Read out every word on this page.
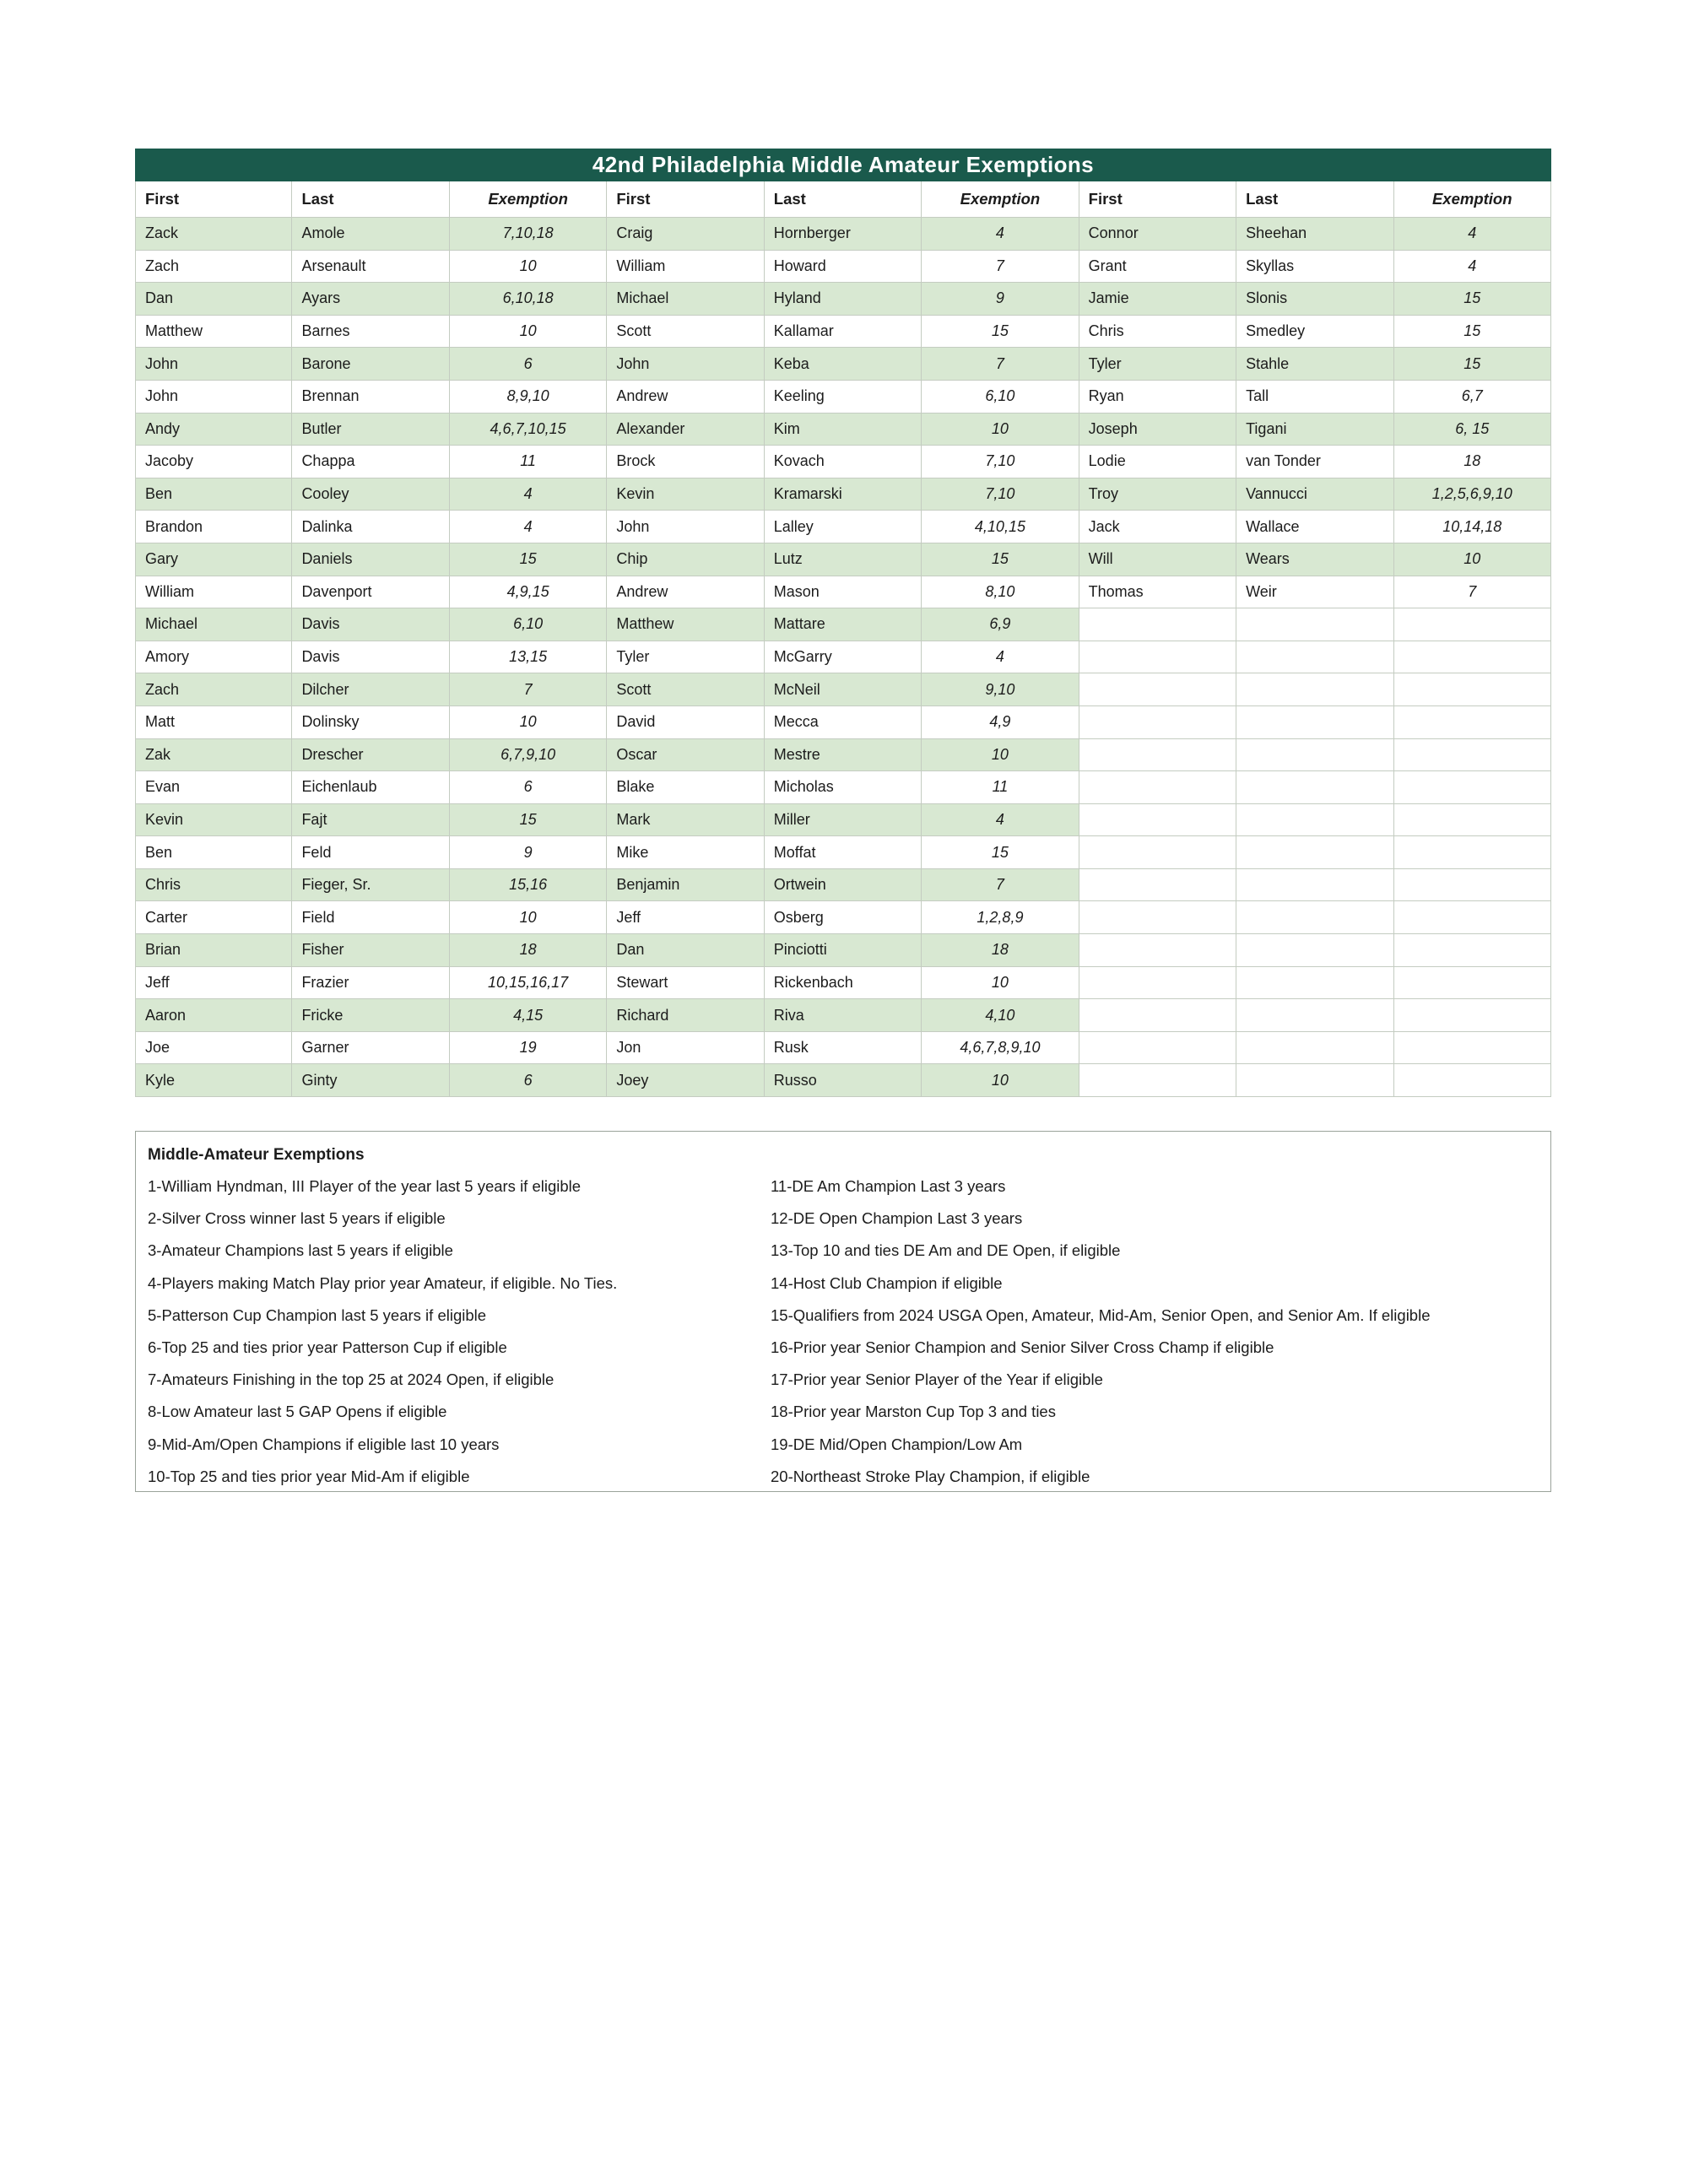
42nd Philadelphia Middle Amateur Exemptions
First	Last	Exemption	First	Last	Exemption	First	Last	Exemption
Zack	Amole	7,10,18	Craig	Hornberger	4	Connor	Sheehan	4
Zach	Arsenault	10	William	Howard	7	Grant	Skyllas	4
Dan	Ayars	6,10,18	Michael	Hyland	9	Jamie	Slonis	15
Matthew	Barnes	10	Scott	Kallamar	15	Chris	Smedley	15
John	Barone	6	John	Keba	7	Tyler	Stahle	15
John	Brennan	8,9,10	Andrew	Keeling	6,10	Ryan	Tall	6,7
Andy	Butler	4,6,7,10,15	Alexander	Kim	10	Joseph	Tigani	6, 15
Jacoby	Chappa	11	Brock	Kovach	7,10	Lodie	van Tonder	18
Ben	Cooley	4	Kevin	Kramarski	7,10	Troy	Vannucci	1,2,5,6,9,10
Brandon	Dalinka	4	John	Lalley	4,10,15	Jack	Wallace	10,14,18
Gary	Daniels	15	Chip	Lutz	15	Will	Wears	10
William	Davenport	4,9,15	Andrew	Mason	8,10	Thomas	Weir	7
Michael	Davis	6,10	Matthew	Mattare	6,9
Amory	Davis	13,15	Tyler	McGarry	4
Zach	Dilcher	7	Scott	McNeil	9,10
Matt	Dolinsky	10	David	Mecca	4,9
Zak	Drescher	6,7,9,10	Oscar	Mestre	10
Evan	Eichenlaub	6	Blake	Micholas	11
Kevin	Fajt	15	Mark	Miller	4
Ben	Feld	9	Mike	Moffat	15
Chris	Fieger, Sr.	15,16	Benjamin	Ortwein	7
Carter	Field	10	Jeff	Osberg	1,2,8,9
Brian	Fisher	18	Dan	Pinciotti	18
Jeff	Frazier	10,15,16,17	Stewart	Rickenbach	10
Aaron	Fricke	4,15	Richard	Riva	4,10
Joe	Garner	19	Jon	Rusk	4,6,7,8,9,10
Kyle	Ginty	6	Joey	Russo	10
Middle-Amateur Exemptions
1-William Hyndman, III Player of the year last 5 years if eligible
2-Silver Cross winner last 5 years if eligible
3-Amateur Champions last 5 years if eligible
4-Players making Match Play prior year Amateur, if eligible. No Ties.
5-Patterson Cup Champion last 5 years if eligible
6-Top 25 and ties prior year Patterson Cup if eligible
7-Amateurs Finishing in the top 25 at 2024 Open, if eligible
8-Low Amateur last 5 GAP Opens if eligible
9-Mid-Am/Open Champions if eligible last 10 years
10-Top 25 and ties prior year Mid-Am if eligible
11-DE Am Champion Last 3 years
12-DE Open Champion Last 3 years
13-Top 10 and ties DE Am and DE Open, if eligible
14-Host Club Champion if eligible
15-Qualifiers from 2024 USGA Open, Amateur, Mid-Am, Senior Open, and Senior Am. If eligible
16-Prior year Senior Champion and Senior Silver Cross Champ if eligible
17-Prior year Senior Player of the Year if eligible
18-Prior year Marston Cup Top 3 and ties
19-DE Mid/Open Champion/Low Am
20-Northeast Stroke Play Champion, if eligible
